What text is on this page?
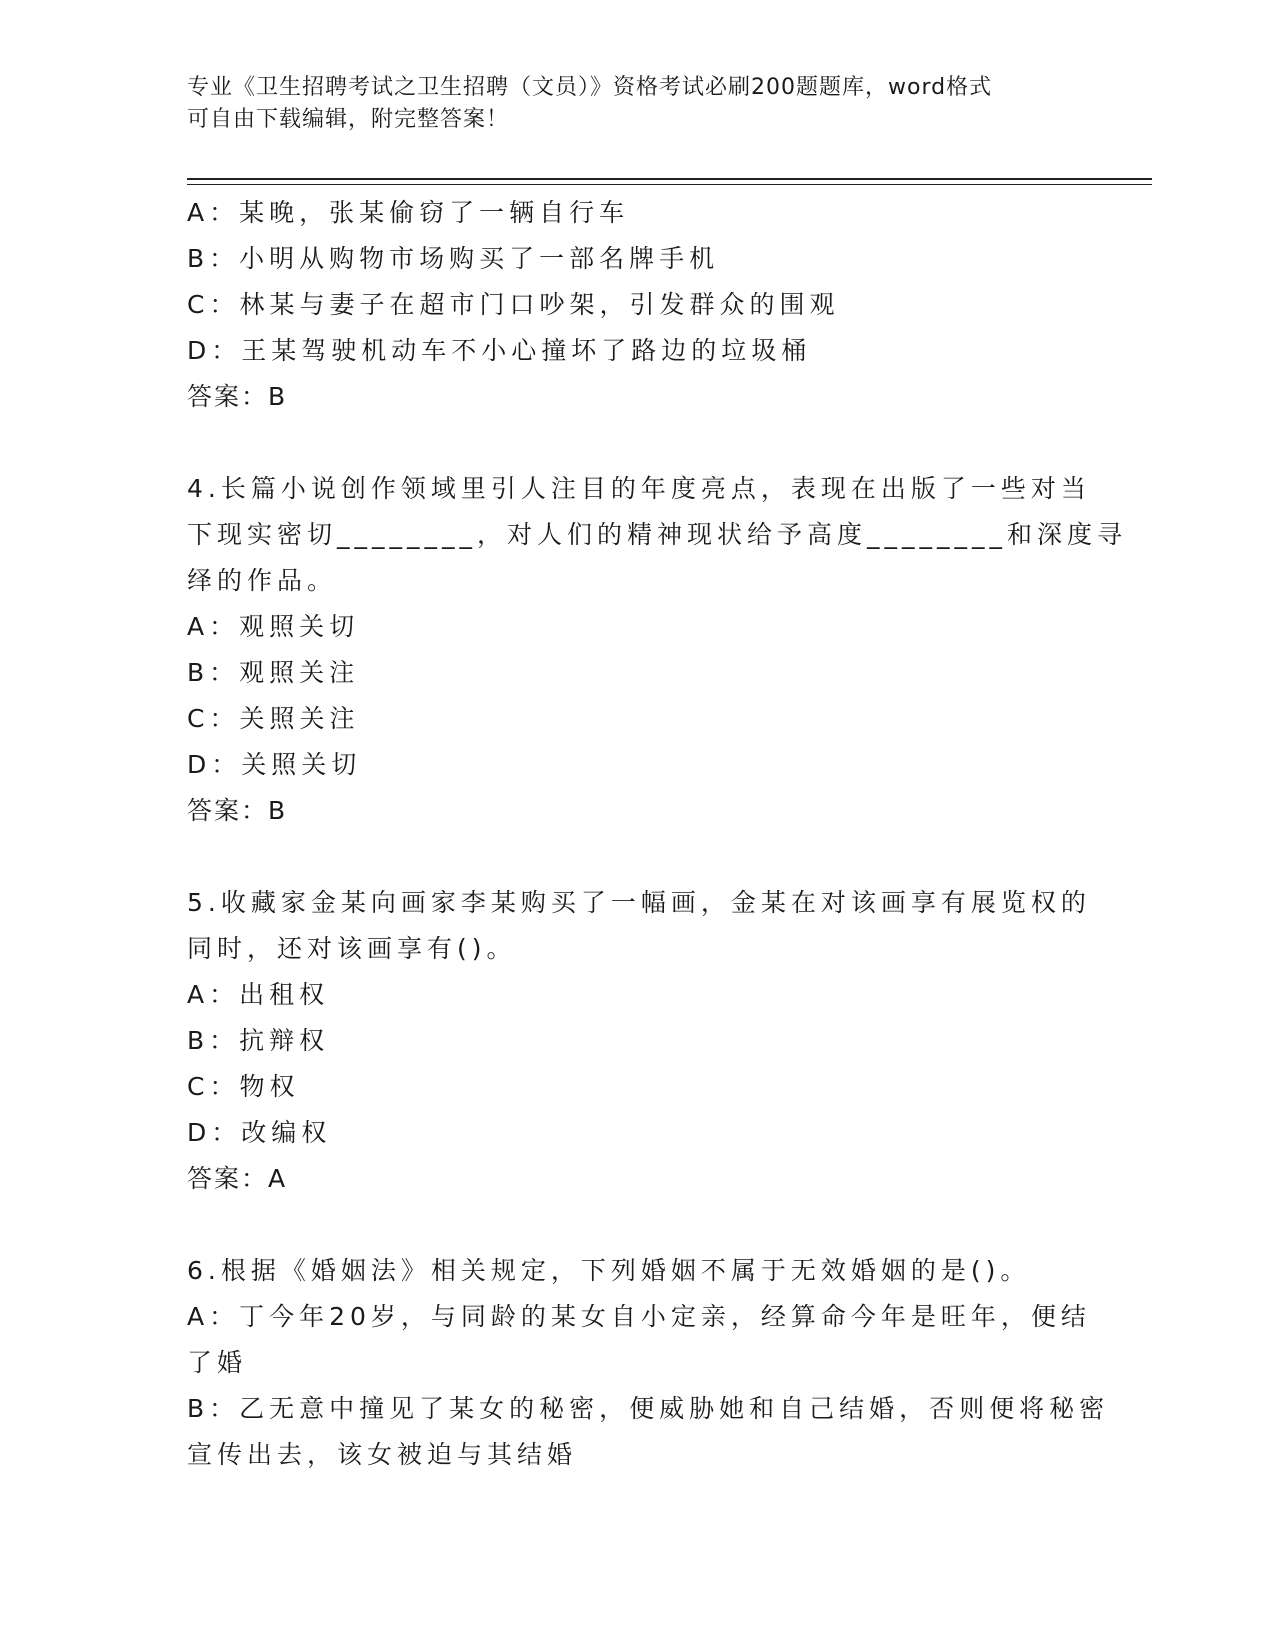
专业《卫生招聘考试之卫生招聘（文员）》资格考试必刷200题题库，word格式
可自由下载编辑，附完整答案！
A：某晚，张某偷窃了一辆自行车
B：小明从购物市场购买了一部名牌手机
C：林某与妻子在超市门口吵架，引发群众的围观
D：王某驾驶机动车不小心撞坏了路边的垃圾桶
答案：B
4.长篇小说创作领域里引人注目的年度亮点，表现在出版了一些对当
下现实密切________，对人们的精神现状给予高度________和深度寻
绎的作品。
A：观照关切
B：观照关注
C：关照关注
D：关照关切
答案：B
5.收藏家金某向画家李某购买了一幅画，金某在对该画享有展览权的
同时，还对该画享有()。
A：出租权
B：抗辩权
C：物权
D：改编权
答案：A
6.根据《婚姻法》相关规定，下列婚姻不属于无效婚姻的是()。
A：丁今年20岁，与同龄的某女自小定亲，经算命今年是旺年，便结
了婚
B：乙无意中撞见了某女的秘密，便威胁她和自己结婚，否则便将秘密
宣传出去，该女被迫与其结婚
